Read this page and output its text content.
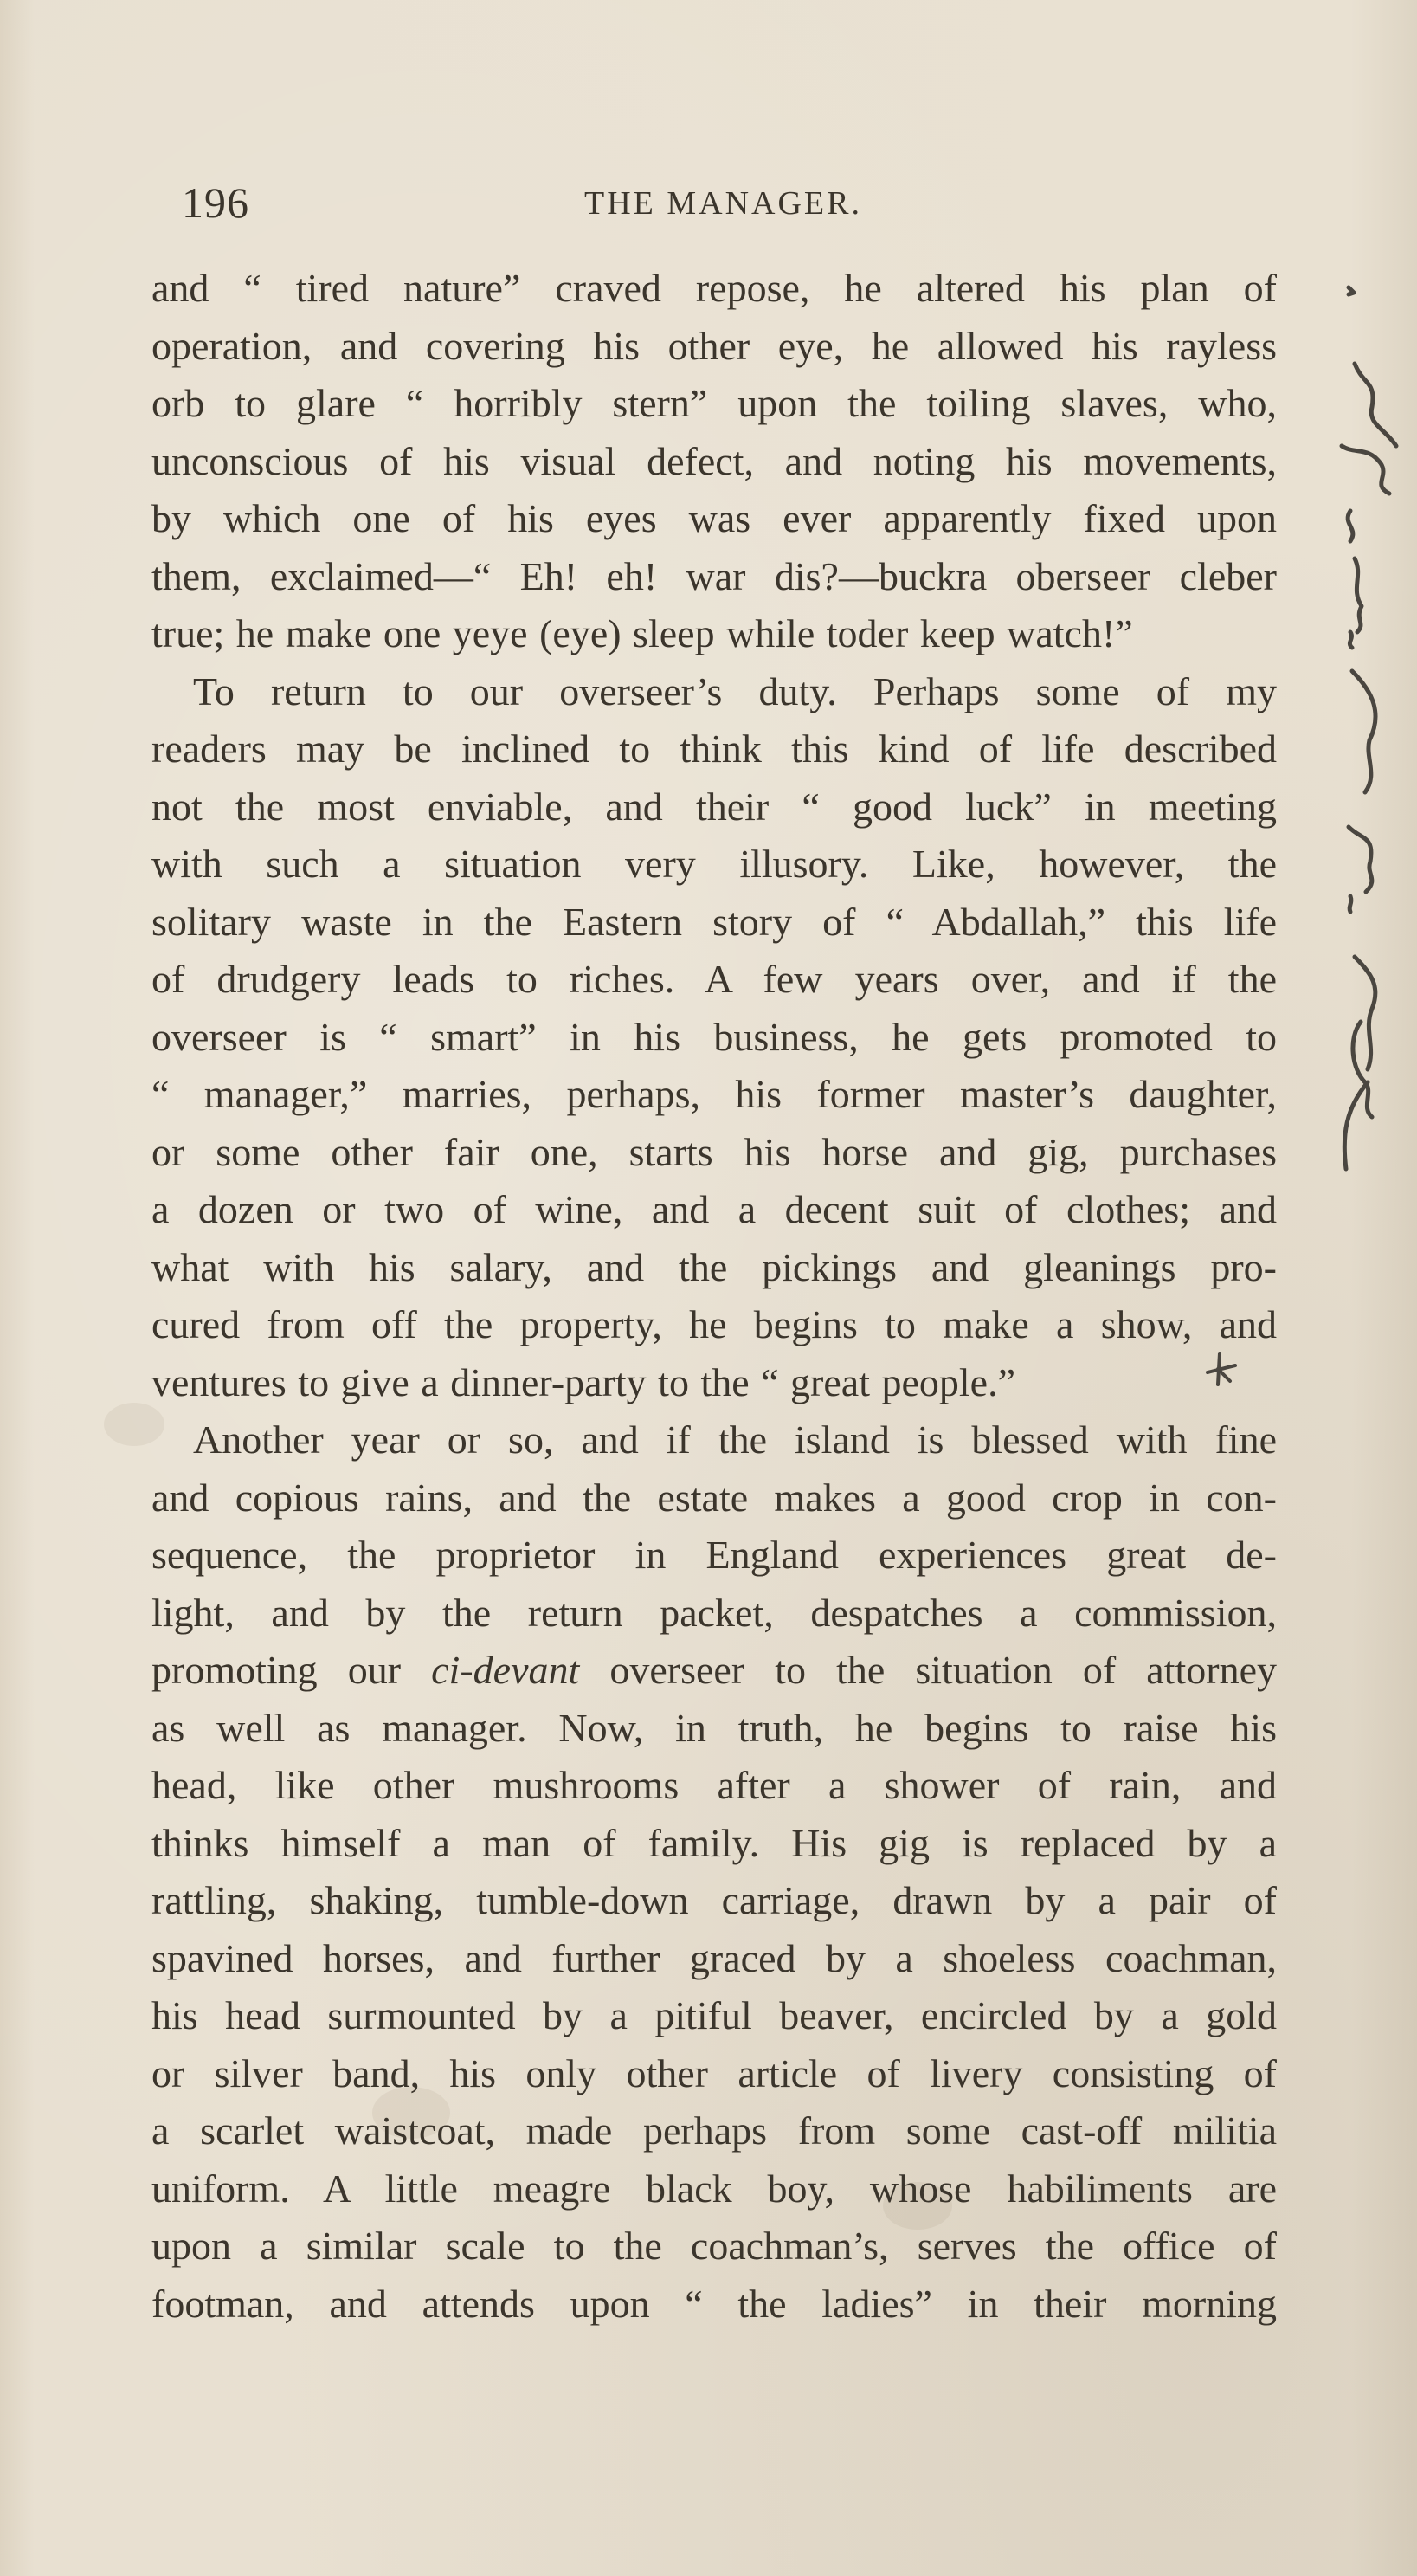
196	THE MANAGER.
and “ tired nature” craved repose, he altered his plan of
operation, and covering his other eye, he allowed his rayless
orb to glare “ horribly stern” upon the toiling slaves, who,
unconscious of his visual defect, and noting his movements,
by which one of his eyes was ever apparently fixed upon
them, exclaimed—“ Eh! eh! war dis?—buckra oberseer cleber
true; he make one yeye (eye) sleep while toder keep watch!”
To return to our overseer’s duty. Perhaps some of my
readers may be inclined to think this kind of life described
not the most enviable, and their “ good luck” in meeting
with such a situation very illusory. Like, however, the
solitary waste in the Eastern story of “ Abdallah,” this life
of drudgery leads to riches. A few years over, and if the
overseer is “ smart” in his business, he gets promoted to
“ manager,” marries, perhaps, his former master’s daughter,
or some other fair one, starts his horse and gig, purchases
a dozen or two of wine, and a decent suit of clothes; and
what with his salary, and the pickings and gleanings pro-
cured from off the property, he begins to make a show, and
ventures to give a dinner-party to the “ great people.”
Another year or so, and if the island is blessed with fine
and copious rains, and the estate makes a good crop in con-
sequence, the proprietor in England experiences great de-
light, and by the return packet, despatches a commission,
promoting our ci-devant overseer to the situation of attorney
as well as manager. Now, in truth, he begins to raise his
head, like other mushrooms after a shower of rain, and
thinks himself a man of family. His gig is replaced by a
rattling, shaking, tumble-down carriage, drawn by a pair of
spavined horses, and further graced by a shoeless coachman,
his head surmounted by a pitiful beaver, encircled by a gold
or silver band, his only other article of livery consisting of
a scarlet waistcoat, made perhaps from some cast-off militia
uniform. A little meagre black boy, whose habiliments are
upon a similar scale to the coachman’s, serves the office of
footman, and attends upon “ the ladies” in their morning
